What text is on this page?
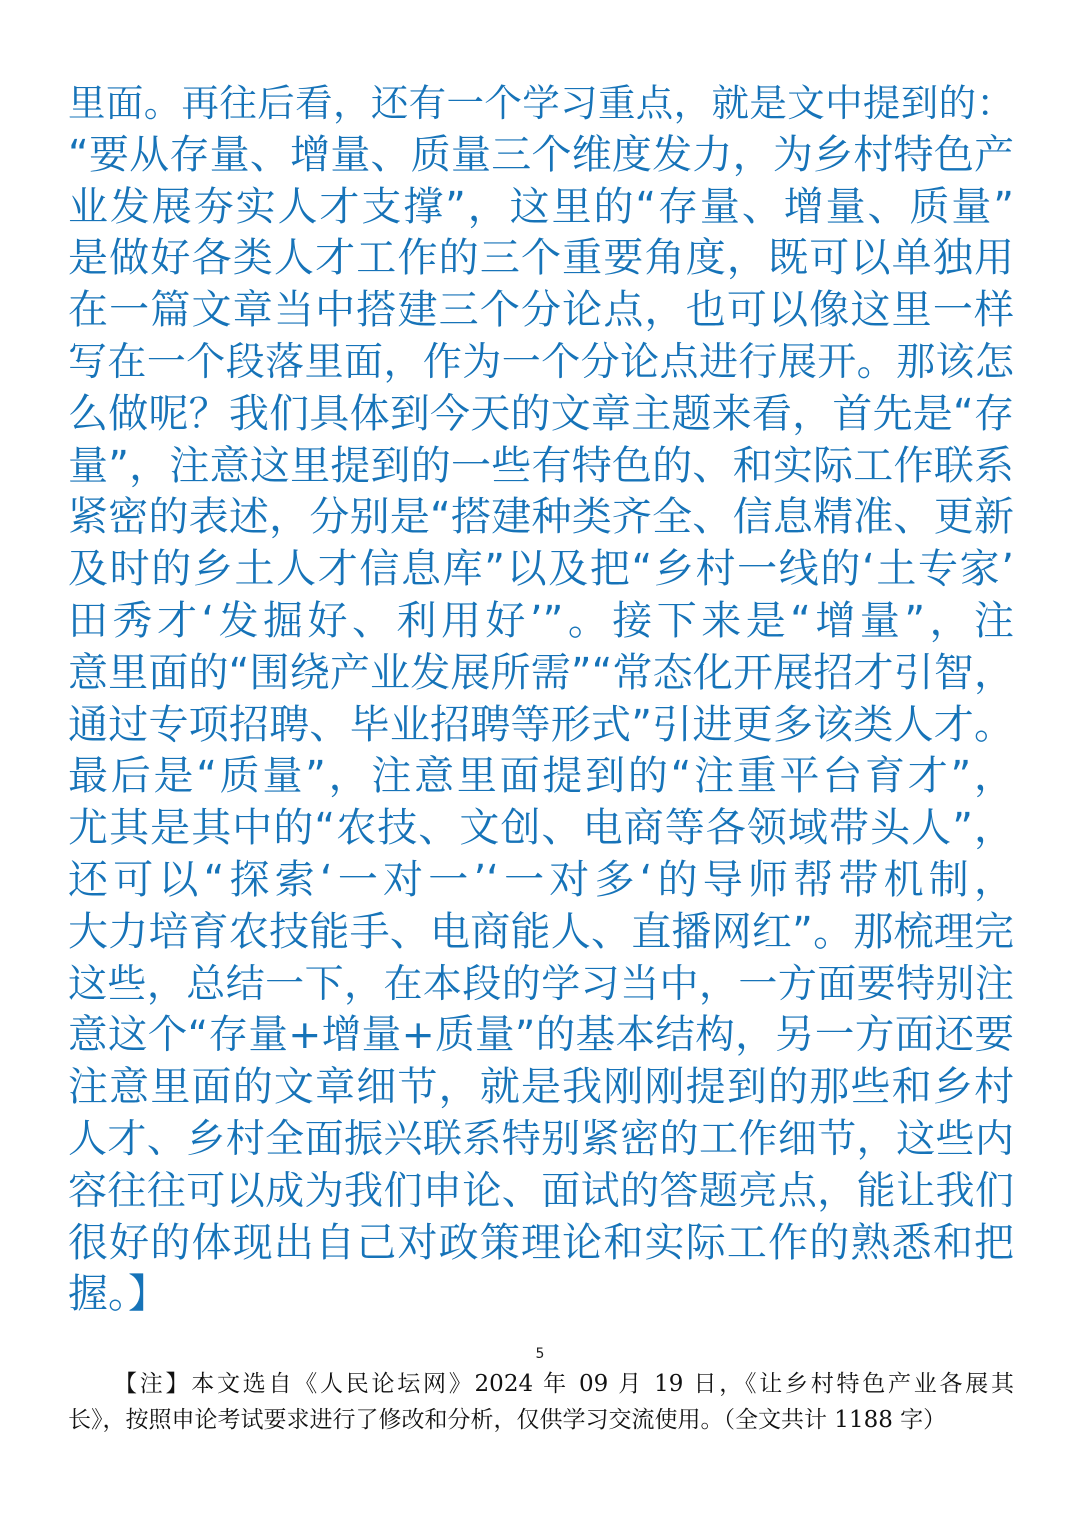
里面。再往后看，还有一个学习重点，就是文中提到的：
“要从存量、增量、质量三个维度发力，为乡村特色产
业发展夯实人才支撑”，这里的“存量、增量、质量”
是做好各类人才工作的三个重要角度，既可以单独用
在一篇文章当中搭建三个分论点，也可以像这里一样
写在一个段落里面，作为一个分论点进行展开。那该怎
么做呢？我们具体到今天的文章主题来看，首先是“存
量”，注意这里提到的一些有特色的、和实际工作联系
紧密的表述，分别是“搭建种类齐全、信息精准、更新
及时的乡土人才信息库”以及把“乡村一线的‘土专家’
田秀才‘发掘好、利用好’”。接下来是“增量”，注
意里面的“围绕产业发展所需”“常态化开展招才引智，
通过专项招聘、毕业招聘等形式”引进更多该类人才。
最后是“质量”，注意里面提到的“注重平台育才”，
尤其是其中的“农技、文创、电商等各领域带头人”，
还可以“探索‘一对一’‘一对多‘的导师帮带机制，
大力培育农技能手、电商能人、直播网红”。那梳理完
这些，总结一下，在本段的学习当中，一方面要特别注
意这个“存量+增量+质量”的基本结构，另一方面还要
注意里面的文章细节，就是我刚刚提到的那些和乡村
人才、乡村全面振兴联系特别紧密的工作细节，这些内
容往往可以成为我们申论、面试的答题亮点，能让我们
很好的体现出自己对政策理论和实际工作的熟悉和把
握。】
5
【注】本文选自《人民论坛网》2024 年 09 月 19 日，《让乡村特色产业各展其
长》，按照申论考试要求进行了修改和分析，仅供学习交流使用。（全文共计 1188 字）
